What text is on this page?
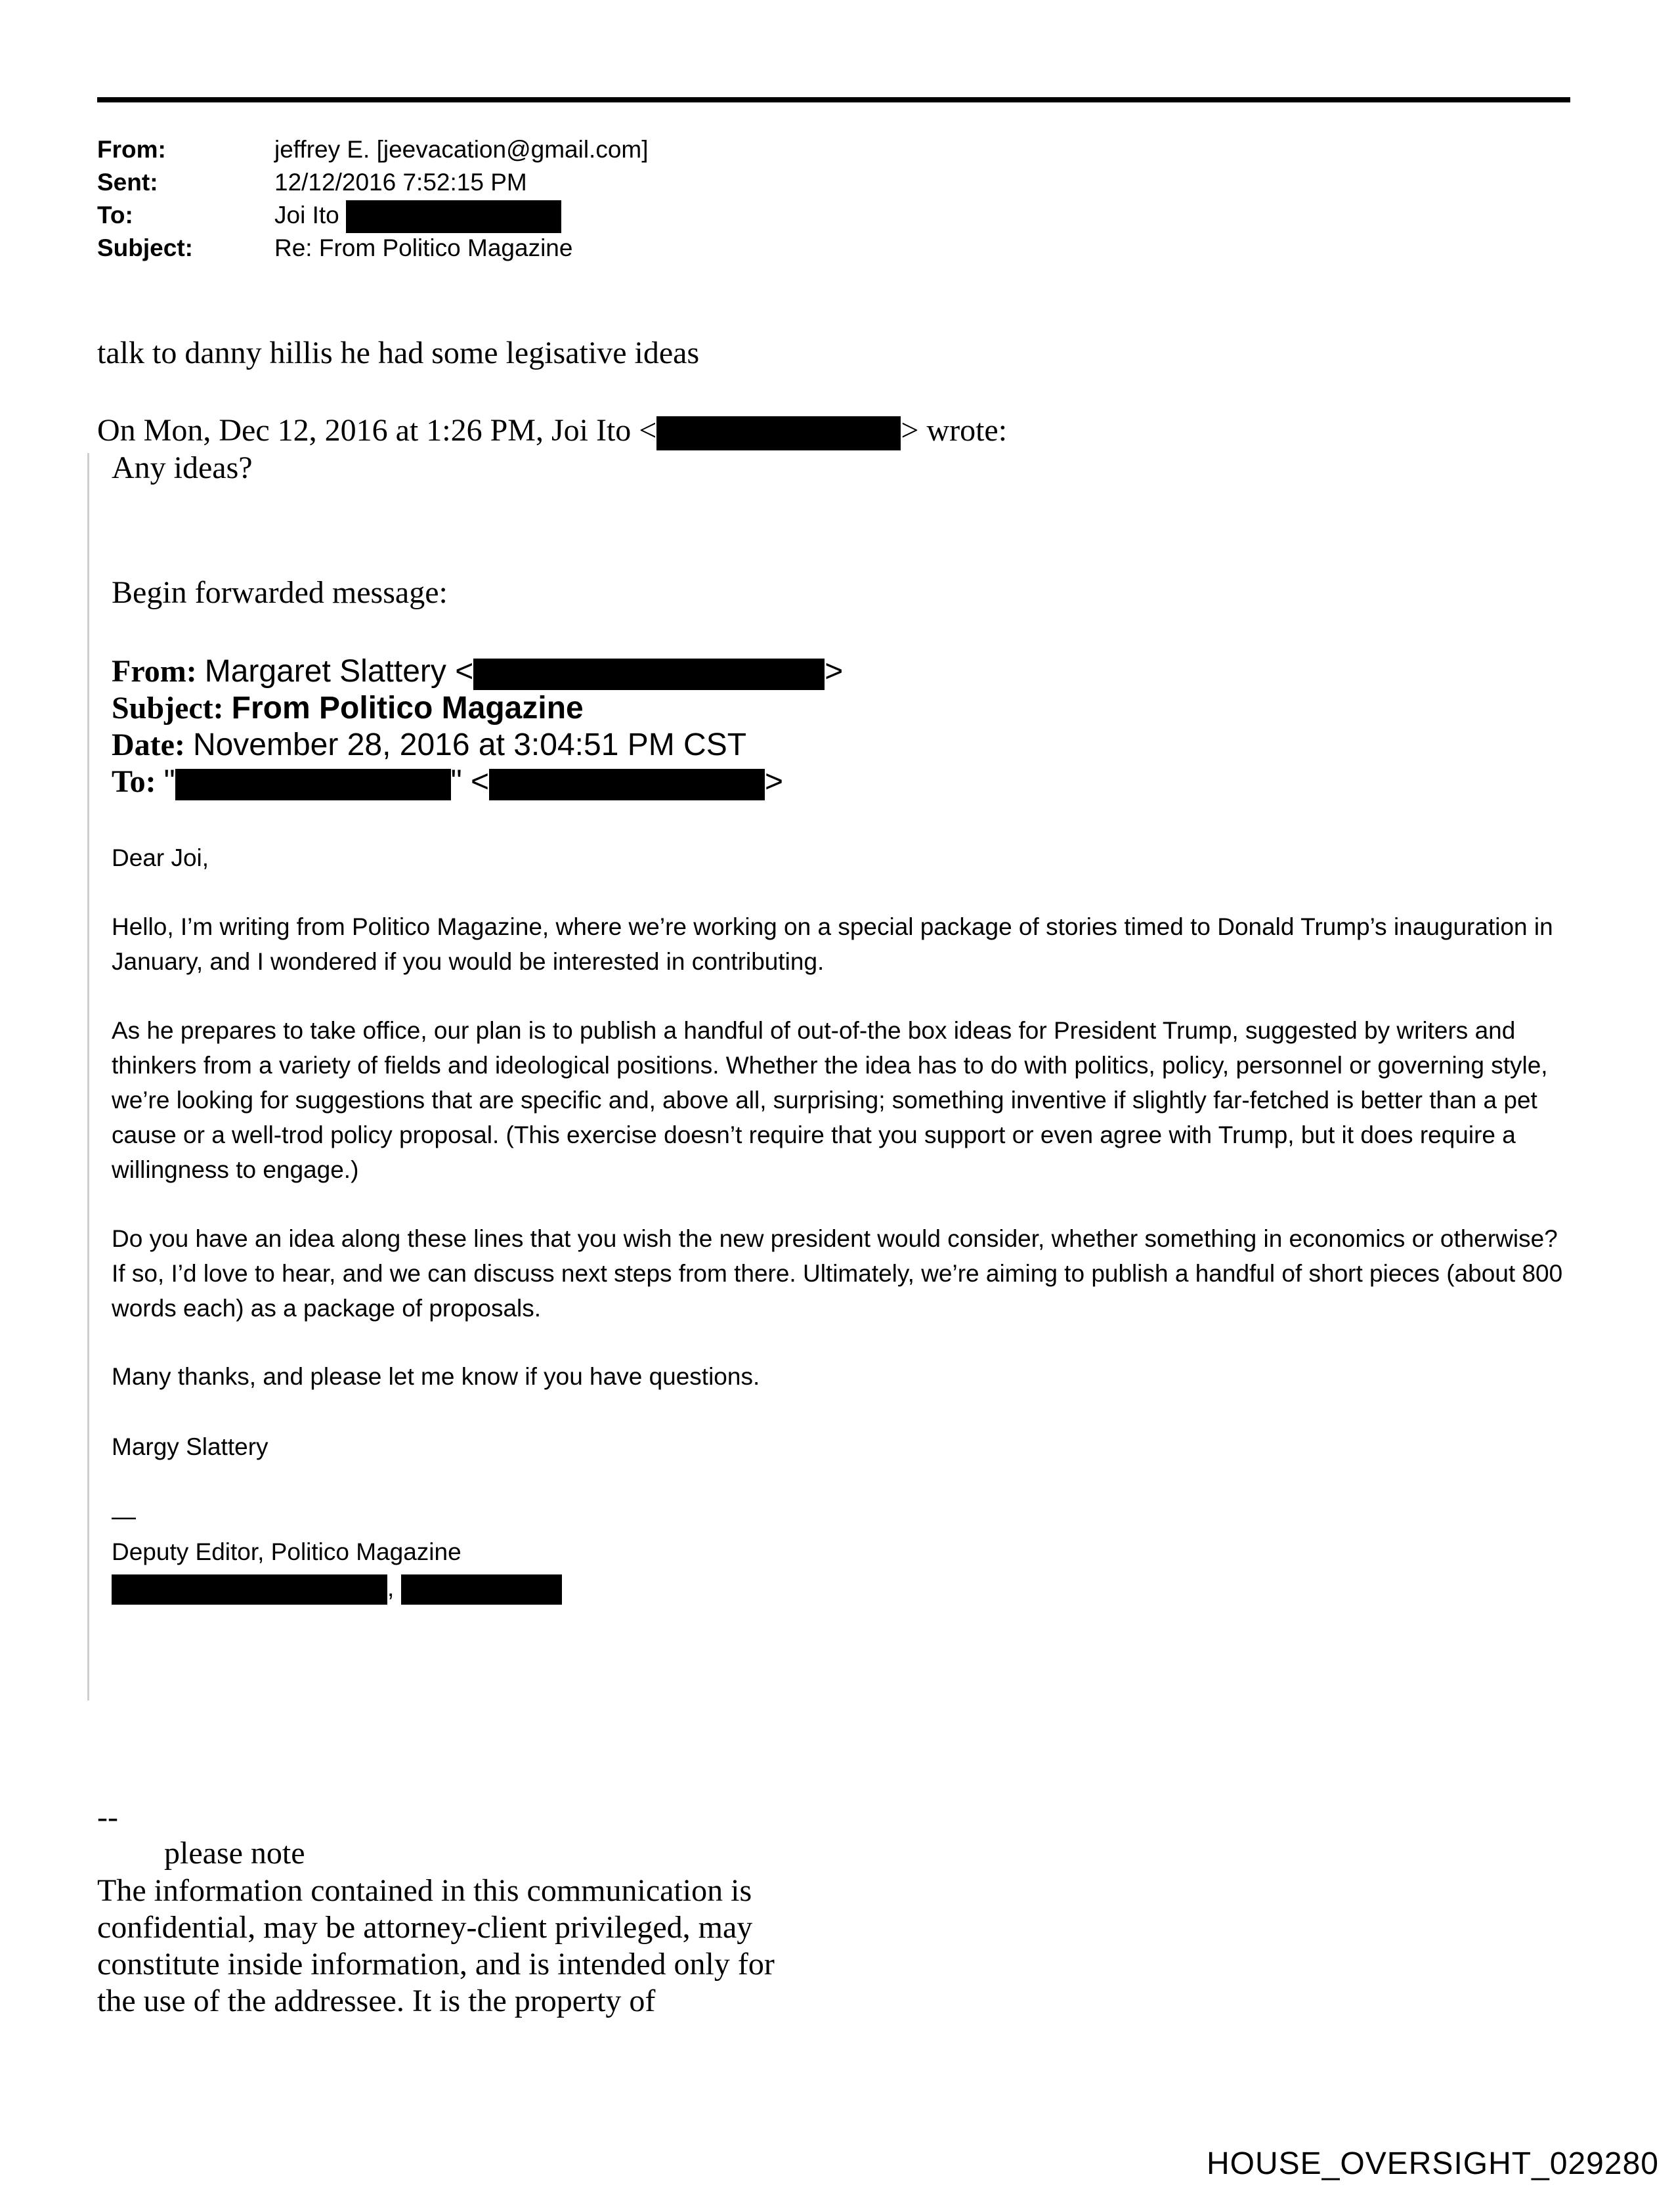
From:	jeffrey E. [jeevacation@gmail.com]
Sent:	12/12/2016 7:52:15 PM
To:	Joi Ito
Subject:	Re: From Politico Magazine
talk to danny hillis he had some legisative ideas
On Mon, Dec 12, 2016 at 1:26 PM, Joi Ito <	> wrote:
Any ideas?
Begin forwarded message:
From: Margaret Slattery <	>
Subject: From Politico Magazine
Date: November 28, 2016 at 3:04:51 PM CST
To: "	" <	>

Dear Joi,

Hello, I’m writing from Politico Magazine, where we’re working on a special package of stories timed to Donald Trump’s inauguration in January, and I wondered if you would be interested in contributing.

As he prepares to take office, our plan is to publish a handful of out-of-the box ideas for President Trump, suggested by writers and thinkers from a variety of fields and ideological positions. Whether the idea has to do with politics, policy, personnel or governing style, we’re looking for suggestions that are specific and, above all, surprising; something inventive if slightly far-fetched is better than a pet cause or a well-trod policy proposal. (This exercise doesn’t require that you support or even agree with Trump, but it does require a willingness to engage.)

Do you have an idea along these lines that you wish the new president would consider, whether something in economics or otherwise? If so, I’d love to hear, and we can discuss next steps from there. Ultimately, we’re aiming to publish a handful of short pieces (about 800 words each) as a package of proposals.

Many thanks, and please let me know if you have questions.

Margy Slattery

—

Deputy Editor, Politico Magazine

,
--
please note
The information contained in this communication is
confidential, may be attorney-client privileged, may
constitute inside information, and is intended only for
the use of the addressee. It is the property of
HOUSE_OVERSIGHT_029280
